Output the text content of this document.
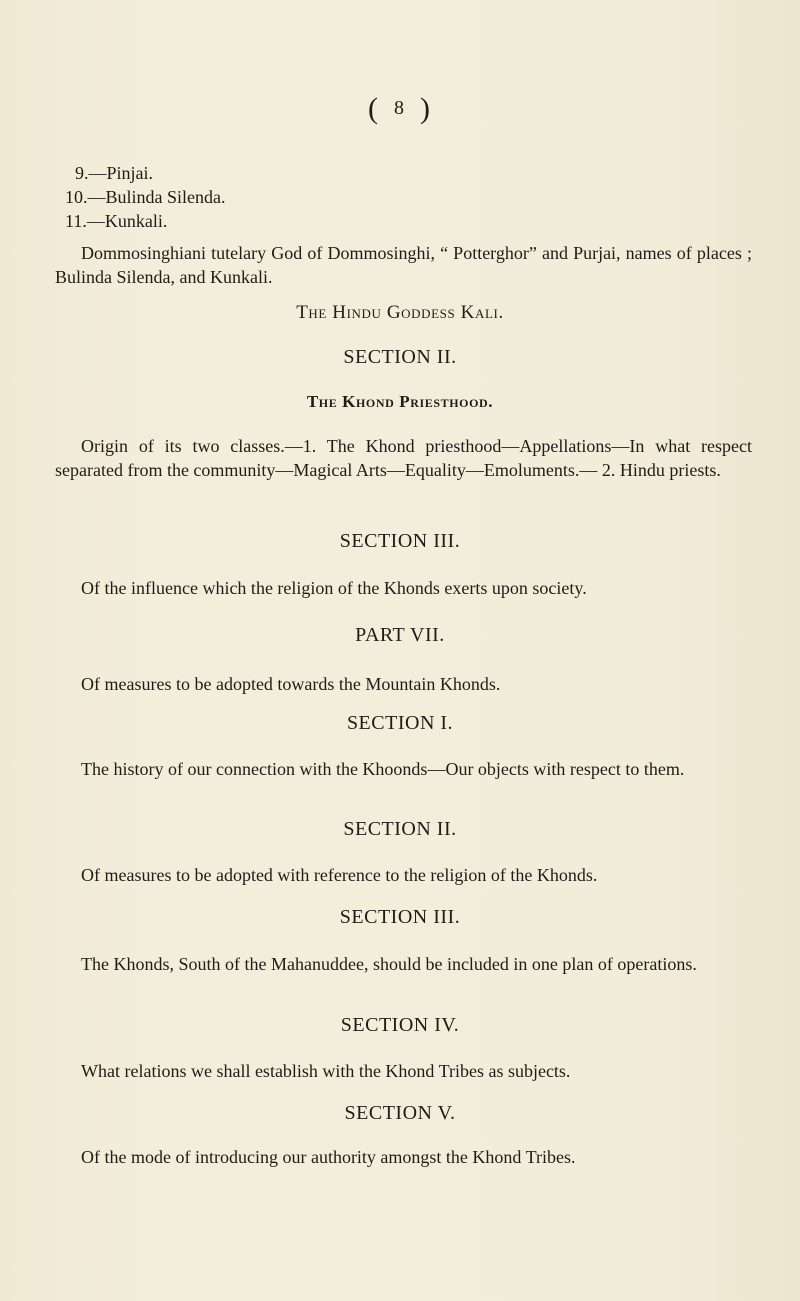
( 8 )
9.—Pinjai.
10.—Bulinda Silenda.
11.—Kunkali.
Dommosinghiani tutelary God of Dommosinghi, “ Potterghor” and Purjai, names of places ; Bulinda Silenda, and Kunkali.
The Hindu Goddess Kali.
SECTION II.
The Khond Priesthood.
Origin of its two classes.—1. The Khond priesthood—Appellations—In what respect separated from the community—Magical Arts—Equality—Emoluments.— 2. Hindu priests.
SECTION III.
Of the influence which the religion of the Khonds exerts upon society.
PART VII.
Of measures to be adopted towards the Mountain Khonds.
SECTION I.
The history of our connection with the Khoonds—Our objects with respect to them.
SECTION II.
Of measures to be adopted with reference to the religion of the Khonds.
SECTION III.
The Khonds, South of the Mahanuddee, should be included in one plan of operations.
SECTION IV.
What relations we shall establish with the Khond Tribes as subjects.
SECTION V.
Of the mode of introducing our authority amongst the Khond Tribes.
